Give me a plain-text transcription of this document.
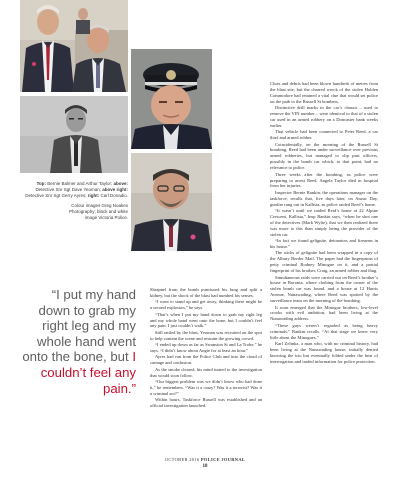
Top: Bernie Balmer and Arthur Taylor; above: Detective Snr Sgt Dave Yeoman; above right: Detective Snr Sgt Gerry Ayres; right: Carl Donadio.
Colour images Greg Noakes
Photography; black and white
image Victoria Police.
“I put my hand down to grab my right leg and my whole hand went onto the bone, but I couldn’t feel any pain.”

Clues and debris had been blown hundreds of metres from the blast site, but the charred wreck of the stolen Holden Commodore had retained a vital clue that would set police on the path to the Russell St bombers.

Distinctive drill marks in the car’s chassis – used to remove the VIN number – were identical to that of a stolen car used in an armed robbery on a Doncaster bank weeks earlier.

That vehicle had been connected to Peter Reed, a car thief and armed robber.

Coincidentally, on the morning of the Russell St bombing, Reed had been under surveillance over previous armed robberies, but managed to slip past officers, possibly in the bomb car which, to that point, had no relevance to police.

Three weeks after the bombing, as police were preparing to arrest Reed, Angela Taylor died in hospital from her injuries.

Inspector Bernie Rankin, the operations manager on the taskforce, recalls that, five days later, on Anzac Day, gunfire rang out in Kallista, as police raided Reed’s home.

“It wasn’t until we raided Reid’s home at 22 Alpine Crescent, Kallista,” Insp Rankin says, “when he shot one of the detectives (Mark Wylie), that we then realized there was more to this than simply being the provider of the stolen car.

“In fact we found gelignite, detonators and firearms in his house.”

The sticks of gelignite had been wrapped in a copy of the Albury Border Mail. The paper had the fingerprints of petty criminal Rodney Minogue on it, and a partial fingerprint of his brother, Craig, an armed robber and thug.

Simultaneous raids were carried out on Reed’s brother’s house in Boronia, where clothing from the owner of the stolen bomb car was found, and a house at 12 Harris Avenue, Nunawading, where Reed was spotted by the surveillance team on the morning of the bombing.

It soon emerged that the Minogue brothers, low-level crooks with evil ambition, had been living at the Nunawading address.

“These guys weren’t regarded as being heavy criminals,” Rankin recalls. “At that stage we knew very little about the Minogues.”

Karl Zelinka, a man who, with no criminal history, had been living at the Nunawading house, initially denied knowing the trio but eventually folded under the heat of interrogation and traded information for police protection.

Shrapnel from the bomb punctured his lung and split a kidney, but the shock of the blast had numbed his senses.

“I went to stand up and get away, thinking there might be a second explosion,” he says.

“That’s when I put my hand down to grab my right leg and my whole hand went onto the bone, but I couldn’t feel any pain. I just couldn’t walk.”

Still rattled by the blast, Yeoman was recruited on the spot to help contain the scene and restrain the growing crowd.

“I ended up down as far as Swanston St and La Trobe,” he says. “I didn’t know about Angie for at least an hour.”

Ayres had run from the Police Club and into the cloud of carnage and confusion.

As the smoke cleared, his mind turned to the investigation that would soon follow.

“Our biggest problem was we didn’t know who had done it,” he remembers. “Was it a crazy? Was it a terrorist? Was it a criminal act?”

Within hours, Taskforce Russell was established and an official investigation launched.

OCTOBER 2016 POLICE JOURNAL
18
